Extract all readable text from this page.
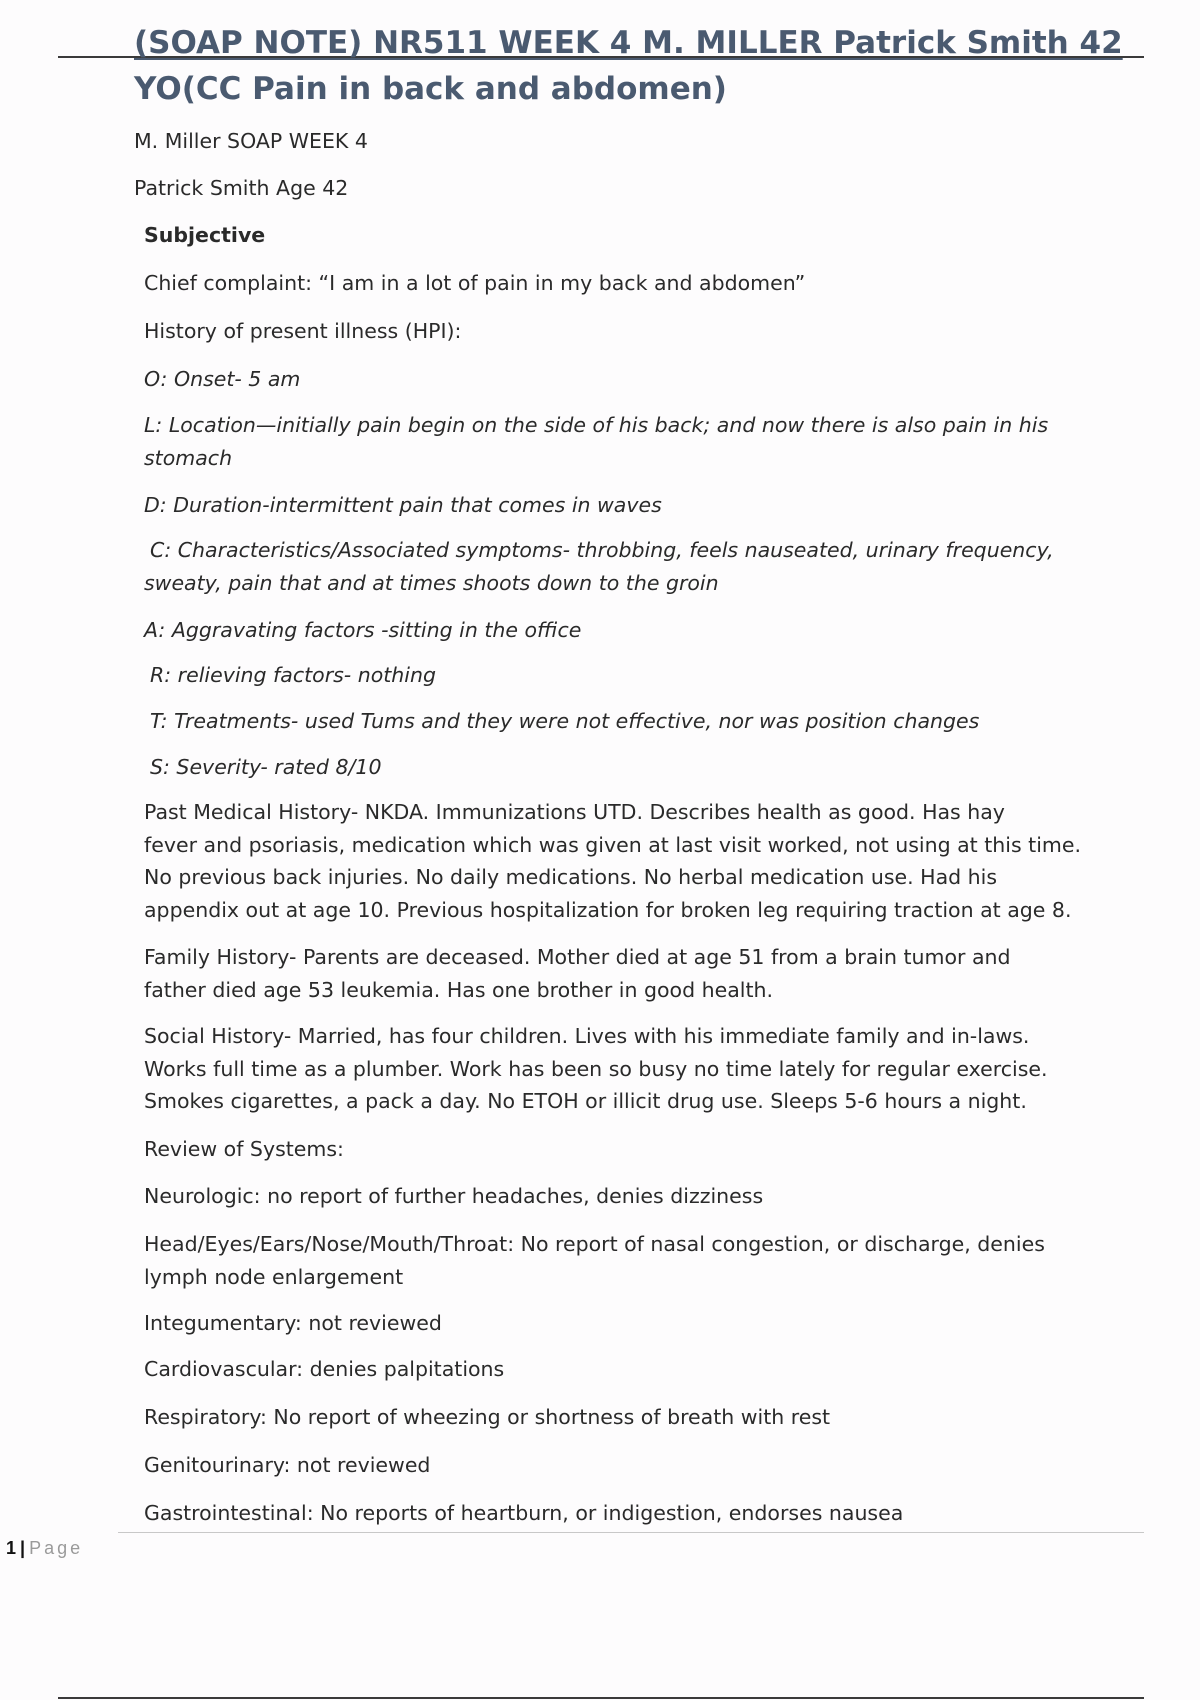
(SOAP NOTE) NR511 WEEK 4 M. MILLER Patrick Smith 42
YO(CC Pain in back and abdomen)
M. Miller SOAP WEEK 4
Patrick Smith Age 42
Subjective
Chief complaint: “I am in a lot of pain in my back and abdomen”
History of present illness (HPI):
O: Onset- 5 am
L: Location—initially pain begin on the side of his back; and now there is also pain in his
stomach
D: Duration-intermittent pain that comes in waves
C: Characteristics/Associated symptoms- throbbing, feels nauseated, urinary frequency,
sweaty, pain that and at times shoots down to the groin
A: Aggravating factors -sitting in the office
R: relieving factors- nothing
T: Treatments- used Tums and they were not effective, nor was position changes
S: Severity- rated 8/10
Past Medical History- NKDA. Immunizations UTD. Describes health as good. Has hay
fever and psoriasis, medication which was given at last visit worked, not using at this time.
No previous back injuries. No daily medications. No herbal medication use. Had his
appendix out at age 10. Previous hospitalization for broken leg requiring traction at age 8.
Family History- Parents are deceased. Mother died at age 51 from a brain tumor and
father died age 53 leukemia. Has one brother in good health.
Social History- Married, has four children. Lives with his immediate family and in-laws.
Works full time as a plumber. Work has been so busy no time lately for regular exercise.
Smokes cigarettes, a pack a day. No ETOH or illicit drug use. Sleeps 5-6 hours a night.
Review of Systems:
Neurologic: no report of further headaches, denies dizziness
Head/Eyes/Ears/Nose/Mouth/Throat: No report of nasal congestion, or discharge, denies
lymph node enlargement
Integumentary: not reviewed
Cardiovascular: denies palpitations
Respiratory: No report of wheezing or shortness of breath with rest
Genitourinary: not reviewed
Gastrointestinal: No reports of heartburn, or indigestion, endorses nausea
1 | Page
